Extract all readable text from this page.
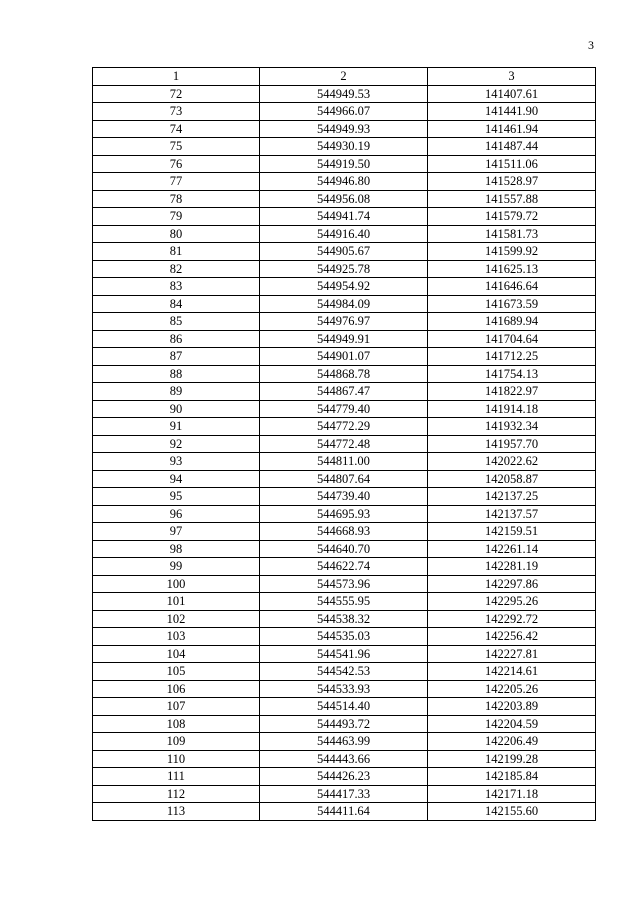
3
1	2	3
72	544949.53	141407.61
73	544966.07	141441.90
74	544949.93	141461.94
75	544930.19	141487.44
76	544919.50	141511.06
77	544946.80	141528.97
78	544956.08	141557.88
79	544941.74	141579.72
80	544916.40	141581.73
81	544905.67	141599.92
82	544925.78	141625.13
83	544954.92	141646.64
84	544984.09	141673.59
85	544976.97	141689.94
86	544949.91	141704.64
87	544901.07	141712.25
88	544868.78	141754.13
89	544867.47	141822.97
90	544779.40	141914.18
91	544772.29	141932.34
92	544772.48	141957.70
93	544811.00	142022.62
94	544807.64	142058.87
95	544739.40	142137.25
96	544695.93	142137.57
97	544668.93	142159.51
98	544640.70	142261.14
99	544622.74	142281.19
100	544573.96	142297.86
101	544555.95	142295.26
102	544538.32	142292.72
103	544535.03	142256.42
104	544541.96	142227.81
105	544542.53	142214.61
106	544533.93	142205.26
107	544514.40	142203.89
108	544493.72	142204.59
109	544463.99	142206.49
110	544443.66	142199.28
111	544426.23	142185.84
112	544417.33	142171.18
113	544411.64	142155.60
